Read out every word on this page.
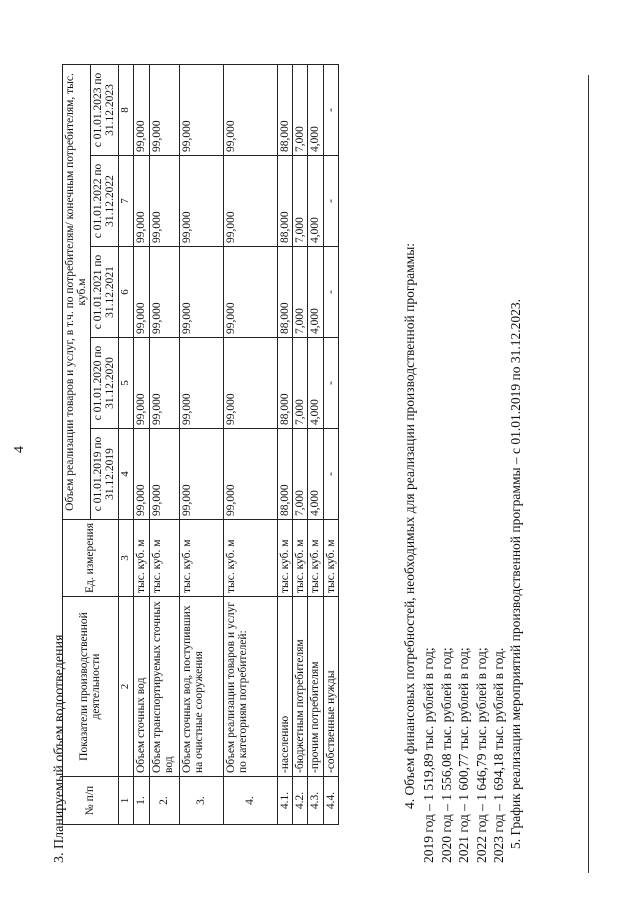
4
3. Планируемый объем водоотведения № п/п	Показатели производственной деятельности	Ед. измерения	Объем реализации товаров и услуг, в т.ч. по потребителям/ конечным потребителям, тыс. куб.м				
			с 01.01.2019 по 31.12.2019	с 01.01.2020 по 31.12.2020	с 01.01.2021 по 31.12.2021	с 01.01.2022 по 31.12.2022	с 01.01.2023 по 31.12.2023
1	2	3	4	5	6	7	8
1.	Объем сточных вод	тыс. куб. м	99,000	99,000	99,000	99,000	99,000
2.	Объем транспортируемых сточных вод	тыс. куб. м	99,000	99,000	99,000	99,000	99,000
3.	Объем сточных вод, поступивших на очистные сооружения	тыс. куб. м	99,000	99,000	99,000	99,000	99,000
4.	Объем реализации товаров и услуг по категориям потребителей:	тыс. куб. м	99,000	99,000	99,000	99,000	99,000
4.1.	-населению	тыс. куб. м	88,000	88,000	88,000	88,000	88,000
4.2.	-бюджетным потребителям	тыс. куб. м	7,000	7,000	7,000	7,000	7,000
4.3.	-прочим потребителям	тыс. куб. м	4,000	4,000	4,000	4,000	4,000
4.4.	-собственные нужды	тыс. куб. м	-	-	-	-	-
4. Объем финансовых потребностей, необходимых для реализации производственной программы: 2019 год – 1 519,89 тыс. рублей в год; 2020 год – 1 556,08 тыс. рублей в год; 2021 год – 1 600,77 тыс. рублей в год; 2022 год – 1 646,79 тыс. рублей в год; 2023 год – 1 694,18 тыс. рублей в год. 5. График реализации мероприятий производственной программы – с 01.01.2019 по 31.12.2023.
